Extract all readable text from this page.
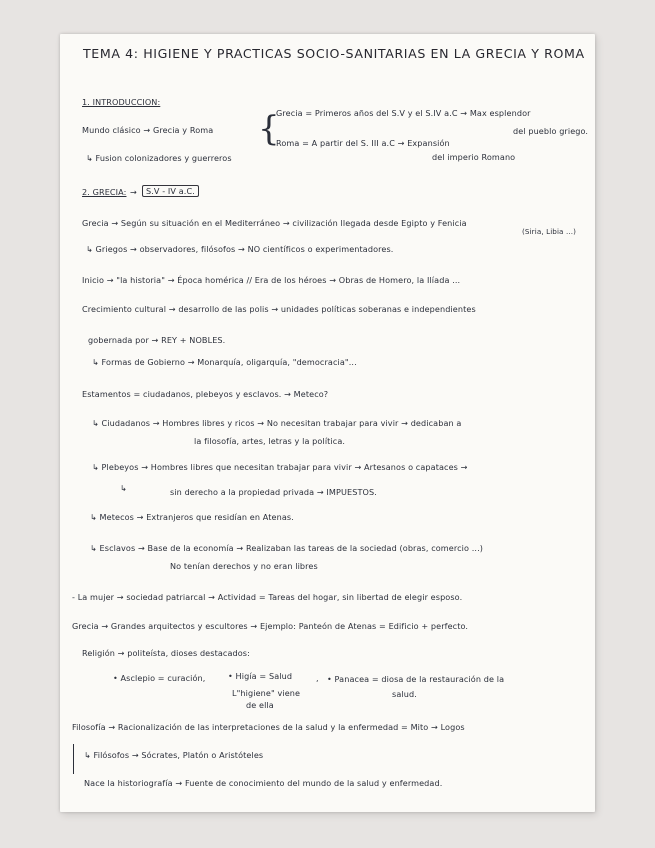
TEMA 4: HIGIENE Y PRACTICAS SOCIO-SANITARIAS EN LA GRECIA Y ROMA
1. INTRODUCCION:
Mundo clásico → Grecia y Roma
↳ Fusion colonizadores y guerreros
{
Grecia = Primeros años del S.V y el S.IV a.C → Max esplendor
del pueblo griego.
Roma = A partir del S. III a.C → Expansión
del imperio Romano
2. GRECIA: →	S.V - IV a.C.
Grecia → Según su situación en el Mediterráneo → civilización llegada desde Egipto y Fenicia
(Siria, Libia ...)
↳ Griegos → observadores, filósofos → NO científicos o experimentadores.
Inicio → "la historia" → Época homérica // Era de los héroes → Obras de Homero, la Ilíada ...
Crecimiento cultural → desarrollo de las polis → unidades políticas soberanas e independientes
gobernada por → REY + NOBLES.
↳ Formas de Gobierno → Monarquía, oligarquía, "democracia"...
Estamentos = ciudadanos, plebeyos y esclavos. → Meteco?
↳ Ciudadanos → Hombres libres y ricos → No necesitan trabajar para vivir → dedicaban a
la filosofía, artes, letras y la política.
↳ Plebeyos → Hombres libres que necesitan trabajar para vivir → Artesanos o capataces →
↳	sin derecho a la propiedad privada → IMPUESTOS.
↳ Metecos → Extranjeros que residían en Atenas.
↳ Esclavos → Base de la economía → Realizaban las tareas de la sociedad (obras, comercio ...)
No tenían derechos y no eran libres
- La mujer → sociedad patriarcal → Actividad = Tareas del hogar, sin libertad de elegir esposo.
Grecia → Grandes arquitectos y escultores → Ejemplo: Panteón de Atenas = Edificio + perfecto.
Religión → politeísta, dioses destacados:
• Asclepio = curación,	• Higía = Salud	, • Panacea = diosa de la restauración de la
L"higiene" viene	salud.
de ella
Filosofía → Racionalización de las interpretaciones de la salud y la enfermedad = Mito → Logos
↳ Filósofos → Sócrates, Platón o Aristóteles
Nace la historiografía → Fuente de conocimiento del mundo de la salud y enfermedad.
